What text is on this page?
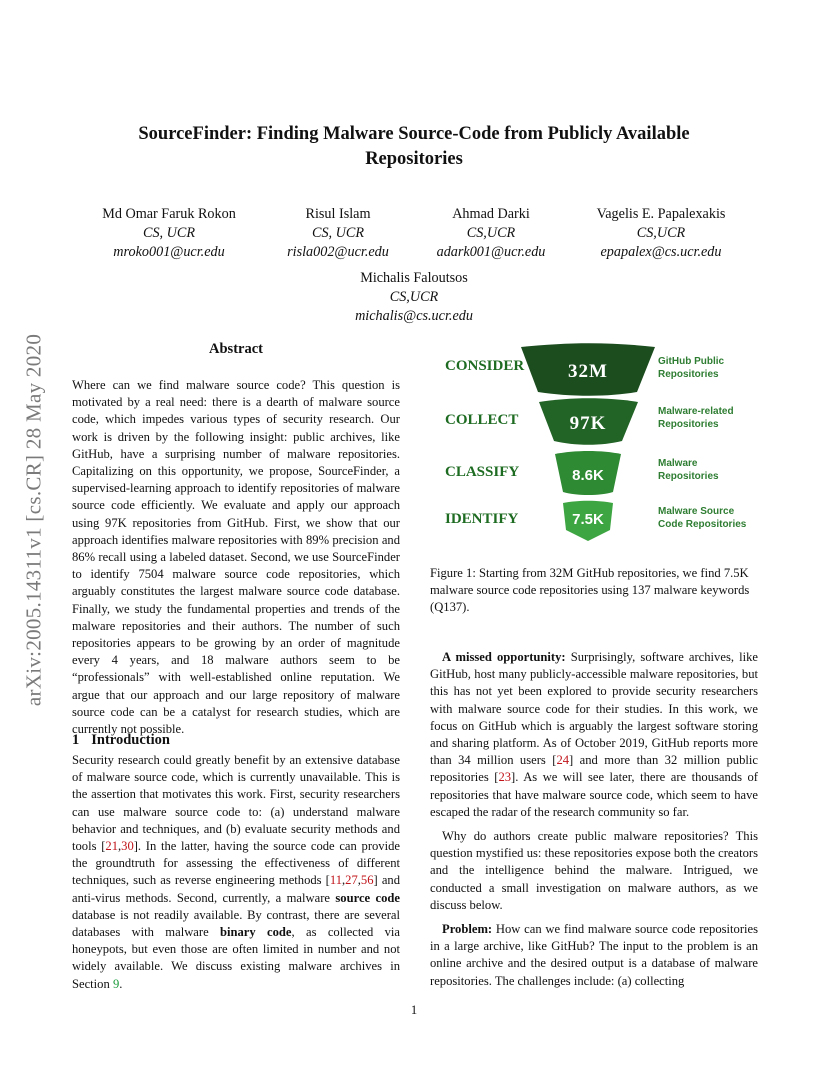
arXiv:2005.14311v1 [cs.CR] 28 May 2020
SourceFinder: Finding Malware Source-Code from Publicly Available
Repositories
Md Omar Faruk Rokon
CS, UCR
mroko001@ucr.edu
Risul Islam
CS, UCR
risla002@ucr.edu
Ahmad Darki
CS,UCR
adark001@ucr.edu
Vagelis E. Papalexakis
CS,UCR
epapalex@cs.ucr.edu
Michalis Faloutsos
CS,UCR
michalis@cs.ucr.edu
Abstract

Where can we find malware source code? This question is motivated by a real need: there is a dearth of malware source code, which impedes various types of security research. Our work is driven by the following insight: public archives, like GitHub, have a surprising number of malware repositories. Capitalizing on this opportunity, we propose, SourceFinder, a supervised-learning approach to identify repositories of malware source code efficiently. We evaluate and apply our approach using 97K repositories from GitHub. First, we show that our approach identifies malware repositories with 89% precision and 86% recall using a labeled dataset. Second, we use SourceFinder to identify 7504 malware source code repositories, which arguably constitutes the largest malware source code database. Finally, we study the fundamental properties and trends of the malware repositories and their authors. The number of such repositories appears to be growing by an order of magnitude every 4 years, and 18 malware authors seem to be “professionals” with well-established online reputation. We argue that our approach and our large repository of malware source code can be a catalyst for research studies, which are currently not possible.

1 Introduction

Security research could greatly benefit by an extensive database of malware source code, which is currently unavailable. This is the assertion that motivates this work. First, security researchers can use malware source code to: (a) understand malware behavior and techniques, and (b) evaluate security methods and tools [21,30]. In the latter, having the source code can provide the groundtruth for assessing the effectiveness of different techniques, such as reverse engineering methods [11,27,56] and anti-virus methods. Second, currently, a malware source code database is not readily available. By contrast, there are several databases with malware binary code, as collected via honeypots, but even those are often limited in number and not widely available. We discuss existing malware archives in Section 9.

CONSIDER 32M	GitHub Public Repositories
COLLECT	97K
Malware-related Repositories
CLASSIFY	8.6K
Malware Repositories
IDENTIFY	7.5K	Malware Source Code Repositories
Figure 1: Starting from 32M GitHub repositories, we find 7.5K malware source code repositories using 137 malware keywords (Q137).

A missed opportunity: Surprisingly, software archives, like GitHub, host many publicly-accessible malware repositories, but this has not yet been explored to provide security researchers with malware source code for their studies. In this work, we focus on GitHub which is arguably the largest software storing and sharing platform. As of October 2019, GitHub reports more than 34 million users [24] and more than 32 million public repositories [23]. As we will see later, there are thousands of repositories that have malware source code, which seem to have escaped the radar of the research community so far.

Why do authors create public malware repositories? This question mystified us: these repositories expose both the creators and the intelligence behind the malware. Intrigued, we conducted a small investigation on malware authors, as we discuss below.

Problem: How can we find malware source code repositories in a large archive, like GitHub? The input to the problem is an online archive and the desired output is a database of malware repositories. The challenges include: (a) collecting

1
